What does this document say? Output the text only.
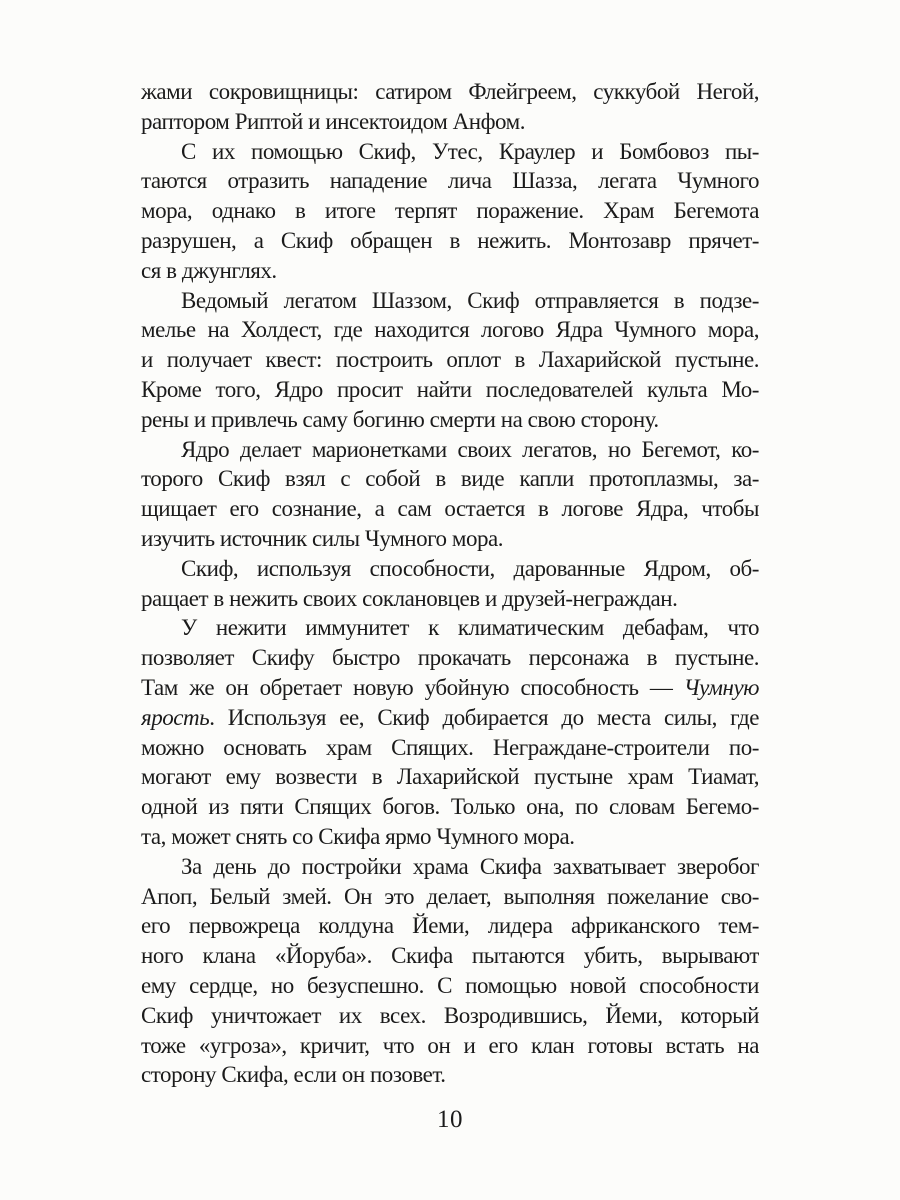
жами сокровищницы: сатиром Флейгреем, суккубой Негой,
раптором Риптой и инсектоидом Анфом.
С их помощью Скиф, Утес, Краулер и Бомбовоз пы-
таются отразить нападение лича Шазза, легата Чумного
мора, однако в итоге терпят поражение. Храм Бегемота
разрушен, а Скиф обращен в нежить. Монтозавр прячет-
ся в джунглях.
Ведомый легатом Шаззом, Скиф отправляется в подзе-
мелье на Холдест, где находится логово Ядра Чумного мора,
и получает квест: построить оплот в Лахарийской пустыне.
Кроме того, Ядро просит найти последователей культа Мо-
рены и привлечь саму богиню смерти на свою сторону.
Ядро делает марионетками своих легатов, но Бегемот, ко-
торого Скиф взял с собой в виде капли протоплазмы, за-
щищает его сознание, а сам остается в логове Ядра, чтобы
изучить источник силы Чумного мора.
Скиф, используя способности, дарованные Ядром, об-
ращает в нежить своих соклановцев и друзей-неграждан.
У нежити иммунитет к климатическим дебафам, что
позволяет Скифу быстро прокачать персонажа в пустыне.
Там же он обретает новую убойную способность — Чумную
ярость. Используя ее, Скиф добирается до места силы, где
можно основать храм Спящих. Неграждане-строители по-
могают ему возвести в Лахарийской пустыне храм Тиамат,
одной из пяти Спящих богов. Только она, по словам Бегемо-
та, может снять со Скифа ярмо Чумного мора.
За день до постройки храма Скифа захватывает зверобог
Апоп, Белый змей. Он это делает, выполняя пожелание сво-
его первожреца колдуна Йеми, лидера африканского тем-
ного клана «Йоруба». Скифа пытаются убить, вырывают
ему сердце, но безуспешно. С помощью новой способности
Скиф уничтожает их всех. Возродившись, Йеми, который
тоже «угроза», кричит, что он и его клан готовы встать на
сторону Скифа, если он позовет.
10
